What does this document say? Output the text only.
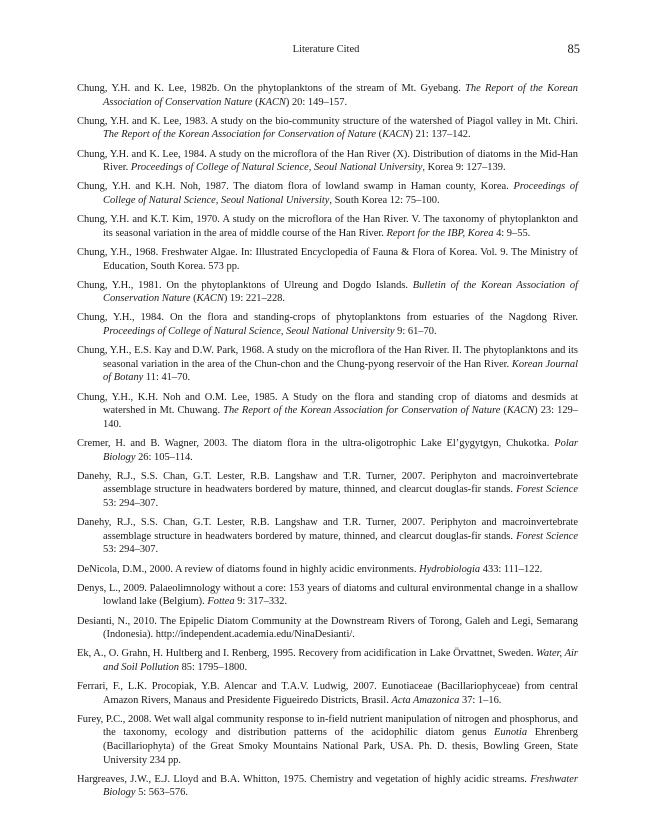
Literature Cited	85
Chung, Y.H. and K. Lee, 1982b. On the phytoplanktons of the stream of Mt. Gyebang. The Report of the Korean Association of Conservation Nature (KACN) 20: 149–157.
Chung, Y.H. and K. Lee, 1983. A study on the bio-community structure of the watershed of Piagol valley in Mt. Chiri. The Report of the Korean Association for Conservation of Nature (KACN) 21: 137–142.
Chung, Y.H. and K. Lee, 1984. A study on the microflora of the Han River (X). Distribution of diatoms in the Mid-Han River. Proceedings of College of Natural Science, Seoul National University, Korea 9: 127–139.
Chung, Y.H. and K.H. Noh, 1987. The diatom flora of lowland swamp in Haman county, Korea. Proceedings of College of Natural Science, Seoul National University, South Korea 12: 75–100.
Chung, Y.H. and K.T. Kim, 1970. A study on the microflora of the Han River. V. The taxonomy of phytoplankton and its seasonal variation in the area of middle course of the Han River. Report for the IBP, Korea 4: 9–55.
Chung, Y.H., 1968. Freshwater Algae. In: Illustrated Encyclopedia of Fauna & Flora of Korea. Vol. 9. The Ministry of Education, South Korea. 573 pp.
Chung, Y.H., 1981. On the phytoplanktons of Ulreung and Dogdo Islands. Bulletin of the Korean Association of Conservation Nature (KACN) 19: 221–228.
Chung, Y.H., 1984. On the flora and standing-crops of phytoplanktons from estuaries of the Nagdong River. Proceedings of College of Natural Science, Seoul National University 9: 61–70.
Chung, Y.H., E.S. Kay and D.W. Park, 1968. A study on the microflora of the Han River. II. The phytoplanktons and its seasonal variation in the area of the Chun-chon and the Chung-pyong reservoir of the Han River. Korean Journal of Botany 11: 41–70.
Chung, Y.H., K.H. Noh and O.M. Lee, 1985. A Study on the flora and standing crop of diatoms and desmids at watershed in Mt. Chuwang. The Report of the Korean Association for Conservation of Nature (KACN) 23: 129–140.
Cremer, H. and B. Wagner, 2003. The diatom flora in the ultra-oligotrophic Lake El’gygytgyn, Chukotka. Polar Biology 26: 105–114.
Danehy, R.J., S.S. Chan, G.T. Lester, R.B. Langshaw and T.R. Turner, 2007. Periphyton and macroinvertebrate assemblage structure in headwaters bordered by mature, thinned, and clearcut douglas-fir stands. Forest Science 53: 294–307.
Danehy, R.J., S.S. Chan, G.T. Lester, R.B. Langshaw and T.R. Turner, 2007. Periphyton and macroinvertebrate assemblage structure in headwaters bordered by mature, thinned, and clearcut douglas-fir stands. Forest Science 53: 294–307.
DeNicola, D.M., 2000. A review of diatoms found in highly acidic environments. Hydrobiologia 433: 111–122.
Denys, L., 2009. Palaeolimnology without a core: 153 years of diatoms and cultural environmental change in a shallow lowland lake (Belgium). Fottea 9: 317–332.
Desianti, N., 2010. The Epipelic Diatom Community at the Downstream Rivers of Torong, Galeh and Legi, Semarang (Indonesia). http://independent.academia.edu/NinaDesianti/.
Ek, A., O. Grahn, H. Hultberg and I. Renberg, 1995. Recovery from acidification in Lake Örvattnet, Sweden. Water, Air and Soil Pollution 85: 1795–1800.
Ferrari, F., L.K. Procopiak, Y.B. Alencar and T.A.V. Ludwig, 2007. Eunotiaceae (Bacillariophyceae) from central Amazon Rivers, Manaus and Presidente Figueiredo Districts, Brasil. Acta Amazonica 37: 1–16.
Furey, P.C., 2008. Wet wall algal community response to in-field nutrient manipulation of nitrogen and phosphorus, and the taxonomy, ecology and distribution patterns of the acidophilic diatom genus Eunotia Ehrenberg (Bacillariophyta) of the Great Smoky Mountains National Park, USA. Ph. D. thesis, Bowling Green, State University 234 pp.
Hargreaves, J.W., E.J. Lloyd and B.A. Whitton, 1975. Chemistry and vegetation of highly acidic streams. Freshwater Biology 5: 563–576.
